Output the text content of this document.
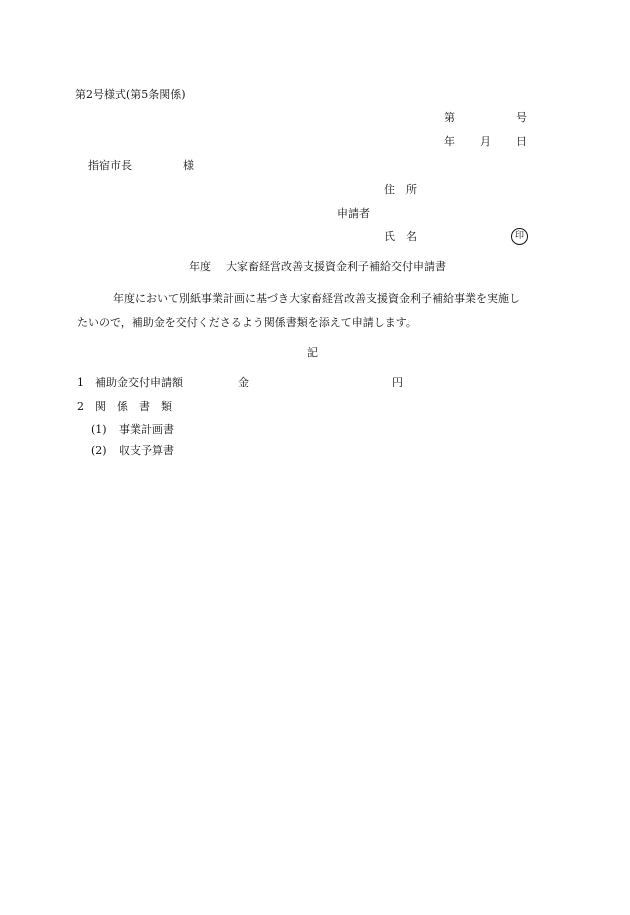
第2号様式(第5条関係)
第	号
年 月 日
指宿市長	様
住　所
申請者
氏　名	印
年度 大家畜経営改善支援資金利子補給交付申請書
年度 において別紙事業計画に基づき大家畜経営改善支援資金利子補給事業を実施し
たいので，補助金を交付くださるよう関係書類を添えて申請します。
記
1 補助金交付申請額	金	円
2 関　係　書　類
(1) 事業計画書
(2) 収支予算書
